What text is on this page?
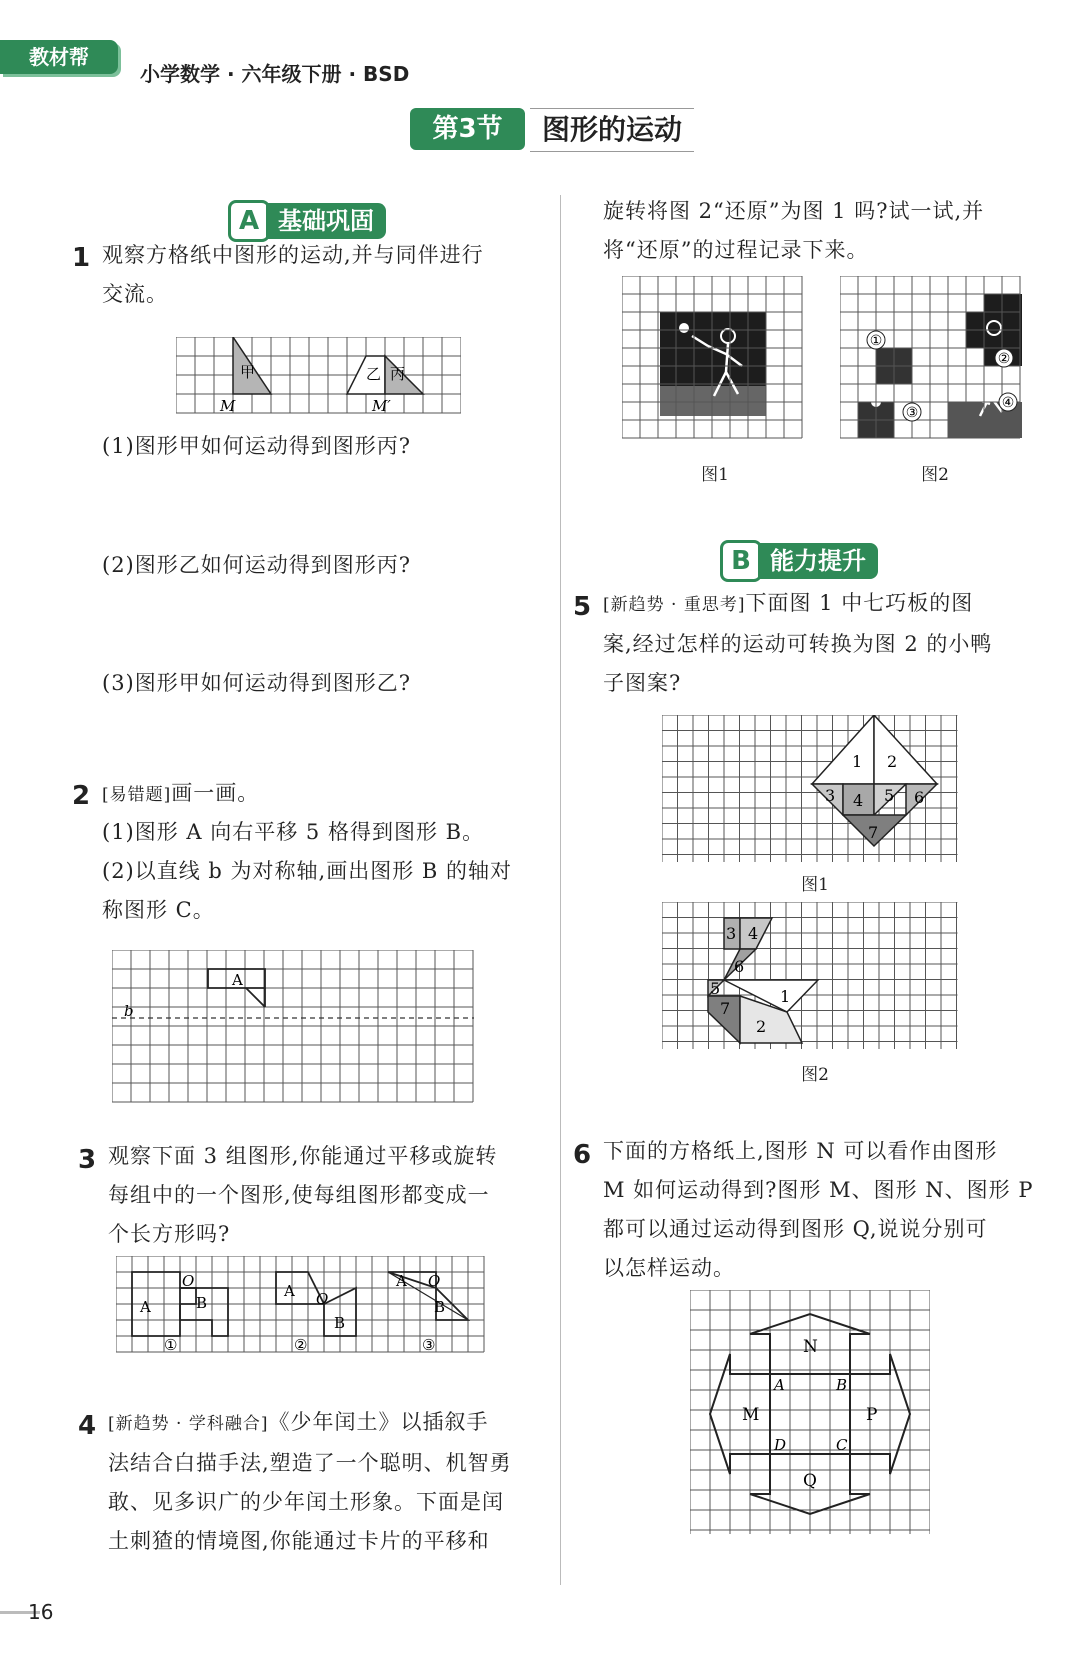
教材帮
小学数学 · 六年级下册 · BSD
第3节	图形的运动
A 基础巩固
1 观察方格纸中图形的运动,并与同伴进行
交流。
甲	乙 丙
M	M′
(1)图形甲如何运动得到图形丙?
(2)图形乙如何运动得到图形丙?
(3)图形甲如何运动得到图形乙?
2 [易错题]画一画。
(1)图形 A 向右平移 5 格得到图形 B。
(2)以直线 b 为对称轴,画出图形 B 的轴对
称图形 C。
A
b
3 观察下面 3 组图形,你能通过平移或旋转
每组中的一个图形,使每组图形都变成一
个长方形吗?
A	B
O
A
B
O
A
B
O
①	②	③
4 [新趋势 · 学科融合]《少年闰土》以插叙手
法结合白描手法,塑造了一个聪明、机智勇
敢、见多识广的少年闰土形象。下面是闰
土刺猹的情境图,你能通过卡片的平移和
旋转将图 2“还原”为图 1 吗?试一试,并
将“还原”的过程记录下来。
①
②
③
④
图1	图2
B 能力提升
5 [新趋势 · 重思考]下面图 1 中七巧板的图
案,经过怎样的运动可转换为图 2 的小鸭
子图案?
1 2
3 4 5 6
7
图1
3 4
6
5
7
1
2
图2
6 下面的方格纸上,图形 N 可以看作由图形
M 如何运动得到?图形 M、图形 N、图形 P
都可以通过运动得到图形 Q,说说分别可
以怎样运动。
N
M	P
Q
A	B
C
D
16
